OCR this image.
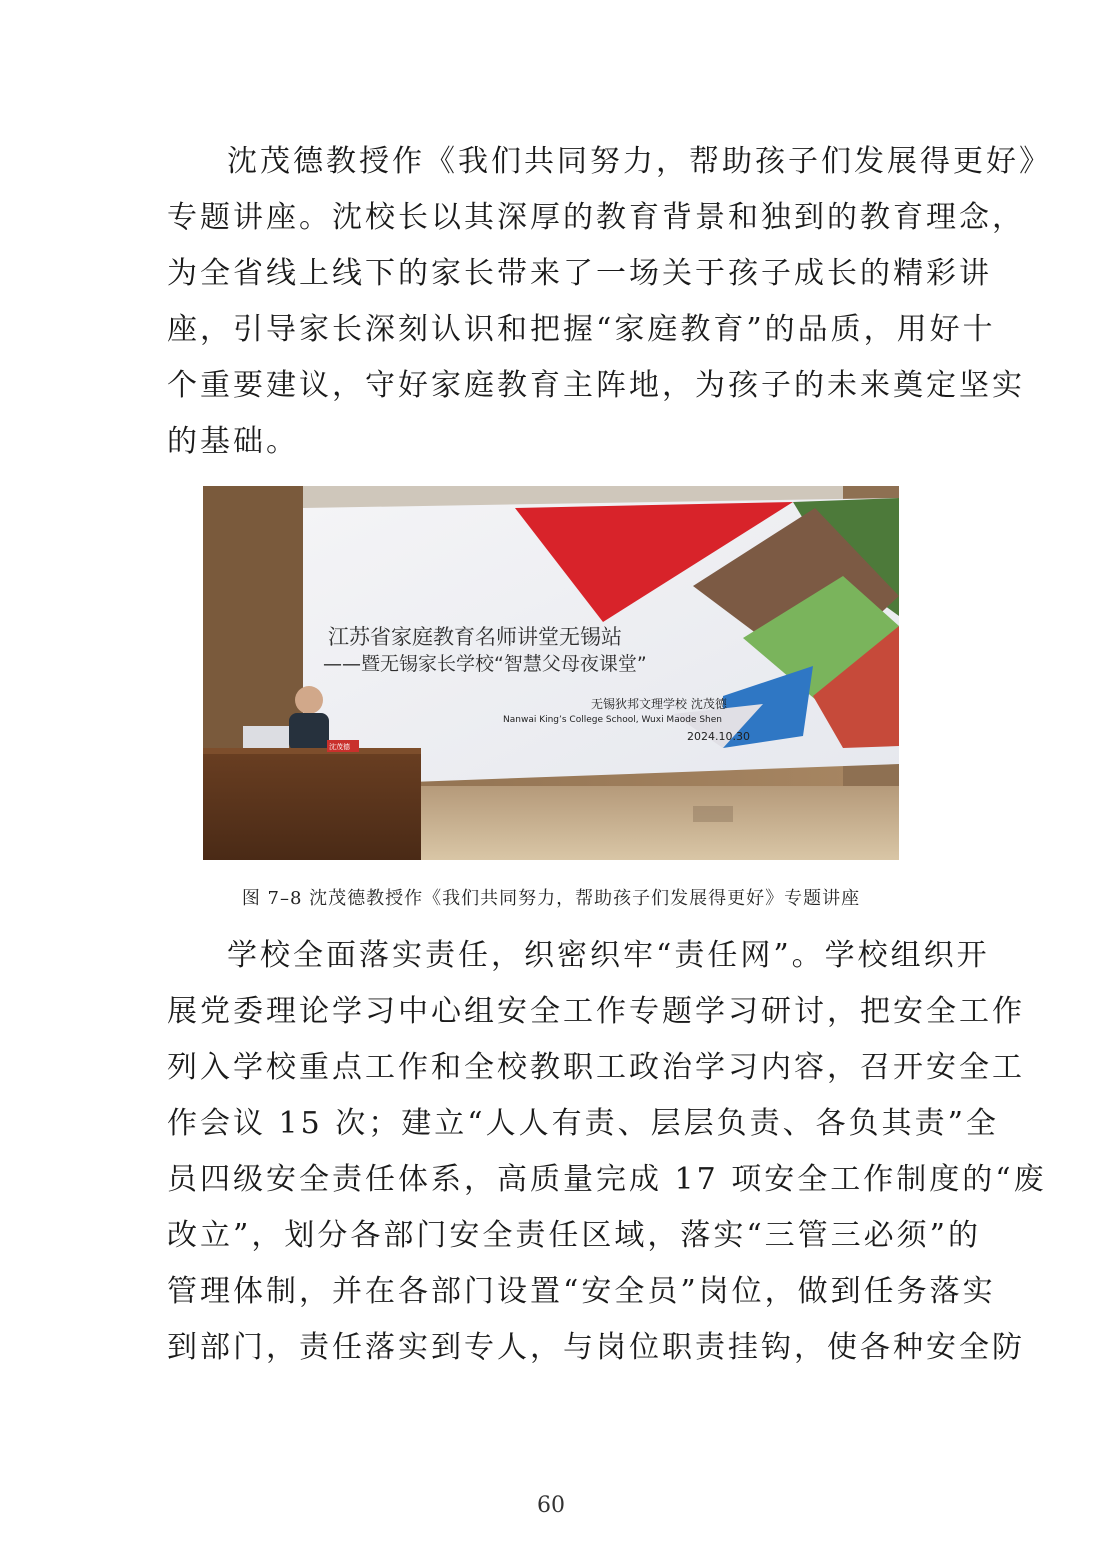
沈茂德教授作《我们共同努力，帮助孩子们发展得更好》
专题讲座。沈校长以其深厚的教育背景和独到的教育理念，
为全省线上线下的家长带来了一场关于孩子成长的精彩讲
座，引导家长深刻认识和把握“家庭教育”的品质，用好十
个重要建议，守好家庭教育主阵地，为孩子的未来奠定坚实
的基础。
江苏省家庭教育名师讲堂无锡站
——暨无锡家长学校“智慧父母夜课堂”
无锡狄邦文理学校 沈茂德
Nanwai King’s College School, Wuxi Maode Shen
2024.10.30
沈茂德
图 7–8 沈茂德教授作《我们共同努力，帮助孩子们发展得更好》专题讲座
学校全面落实责任，织密织牢“责任网”。学校组织开
展党委理论学习中心组安全工作专题学习研讨，把安全工作
列入学校重点工作和全校教职工政治学习内容，召开安全工
作会议 15 次；建立“人人有责、层层负责、各负其责”全
员四级安全责任体系，高质量完成 17 项安全工作制度的“废
改立”，划分各部门安全责任区域，落实“三管三必须”的
管理体制，并在各部门设置“安全员”岗位，做到任务落实
到部门，责任落实到专人，与岗位职责挂钩，使各种安全防
60
